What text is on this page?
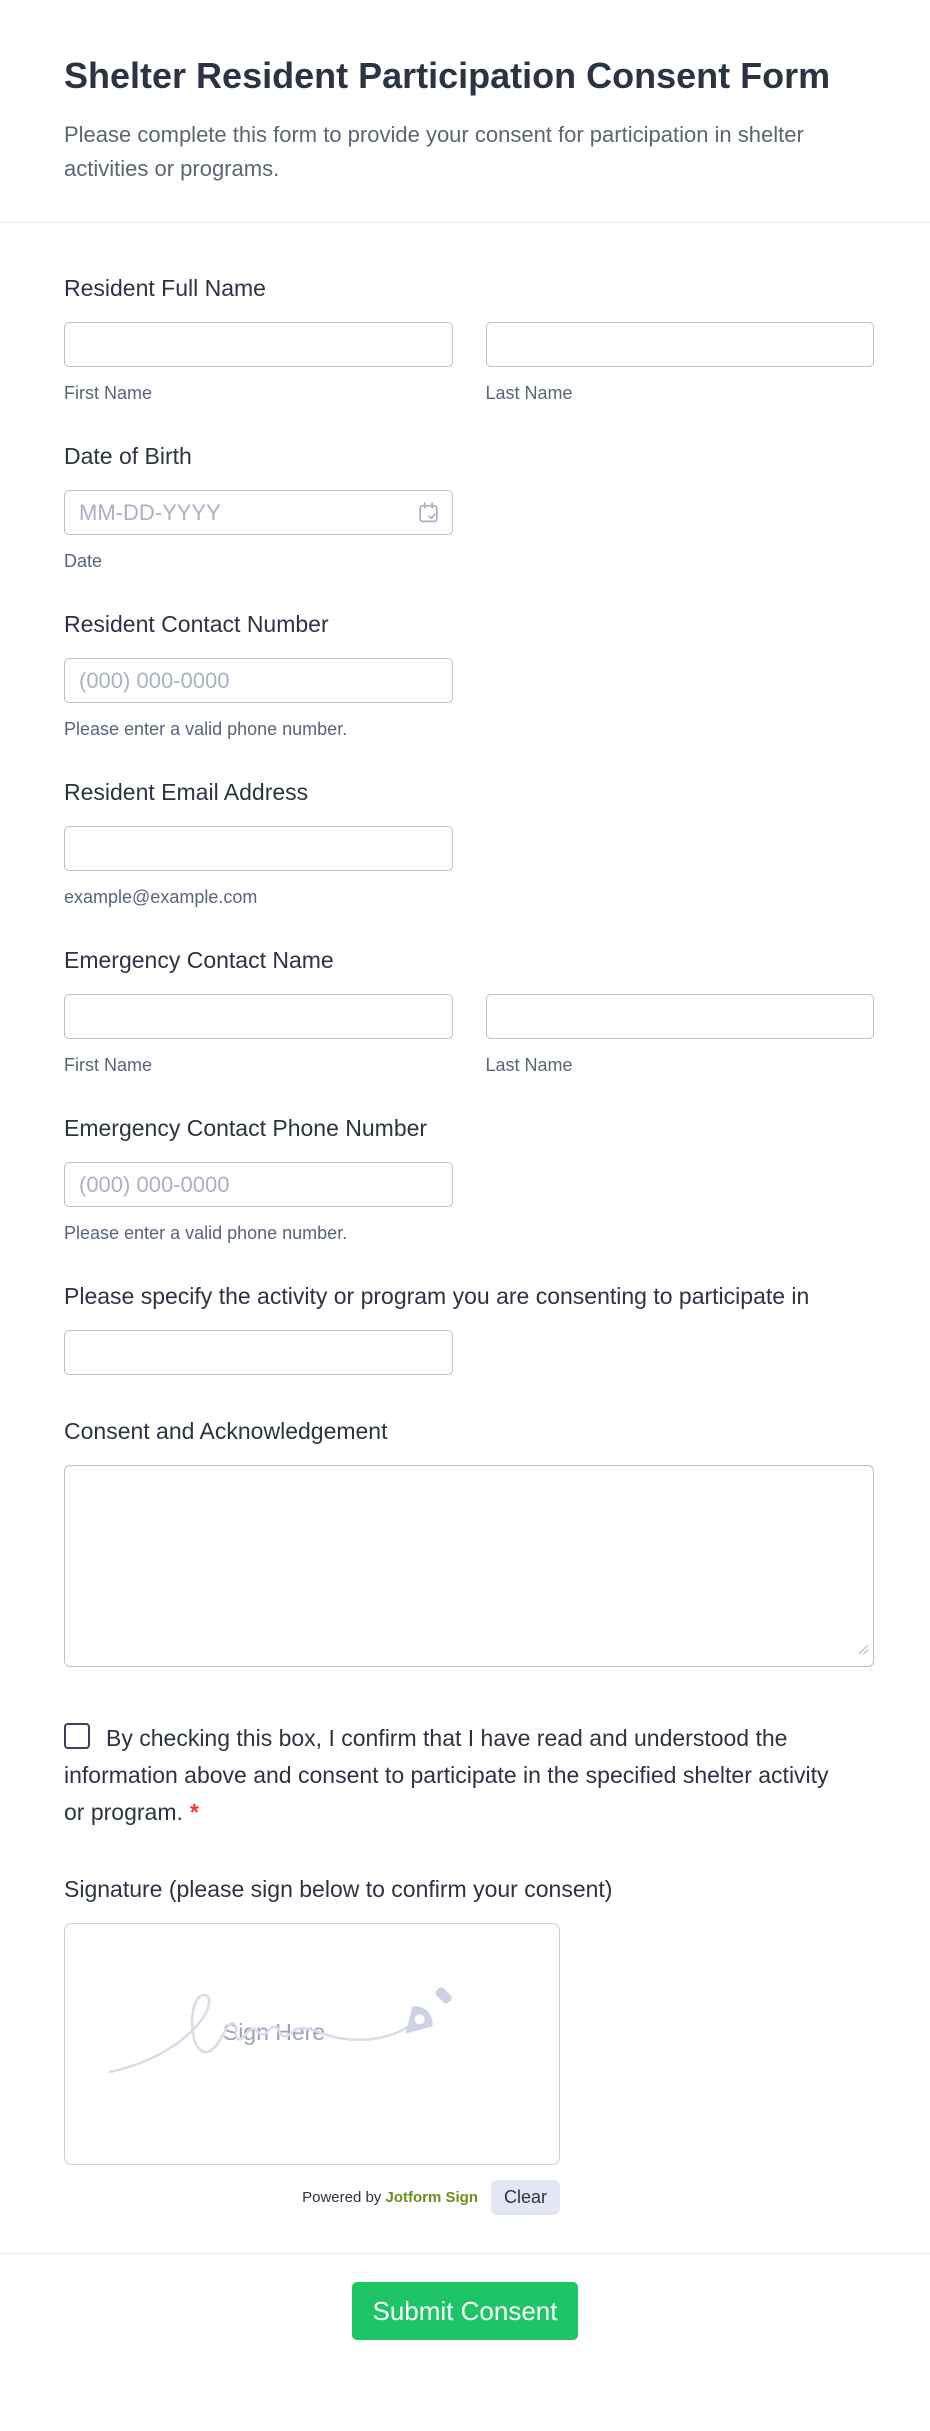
Shelter Resident Participation Consent Form

Please complete this form to provide your consent for participation in shelter activities or programs.

Resident Full Name
First Name	Last Name
Date of Birth
MM-DD-YYYY
Date
Resident Contact Number
(000) 000-0000
Please enter a valid phone number.
Resident Email Address
example@example.com
Emergency Contact Name
First Name	Last Name
Emergency Contact Phone Number
(000) 000-0000
Please enter a valid phone number.
Please specify the activity or program you are consenting to participate in
Consent and Acknowledgement
By checking this box, I confirm that I have read and understood the information above and consent to participate in the specified shelter activity or program. *
Signature (please sign below to confirm your consent)
Sign Here
Powered by Jotform Sign	Clear
Submit Consent
